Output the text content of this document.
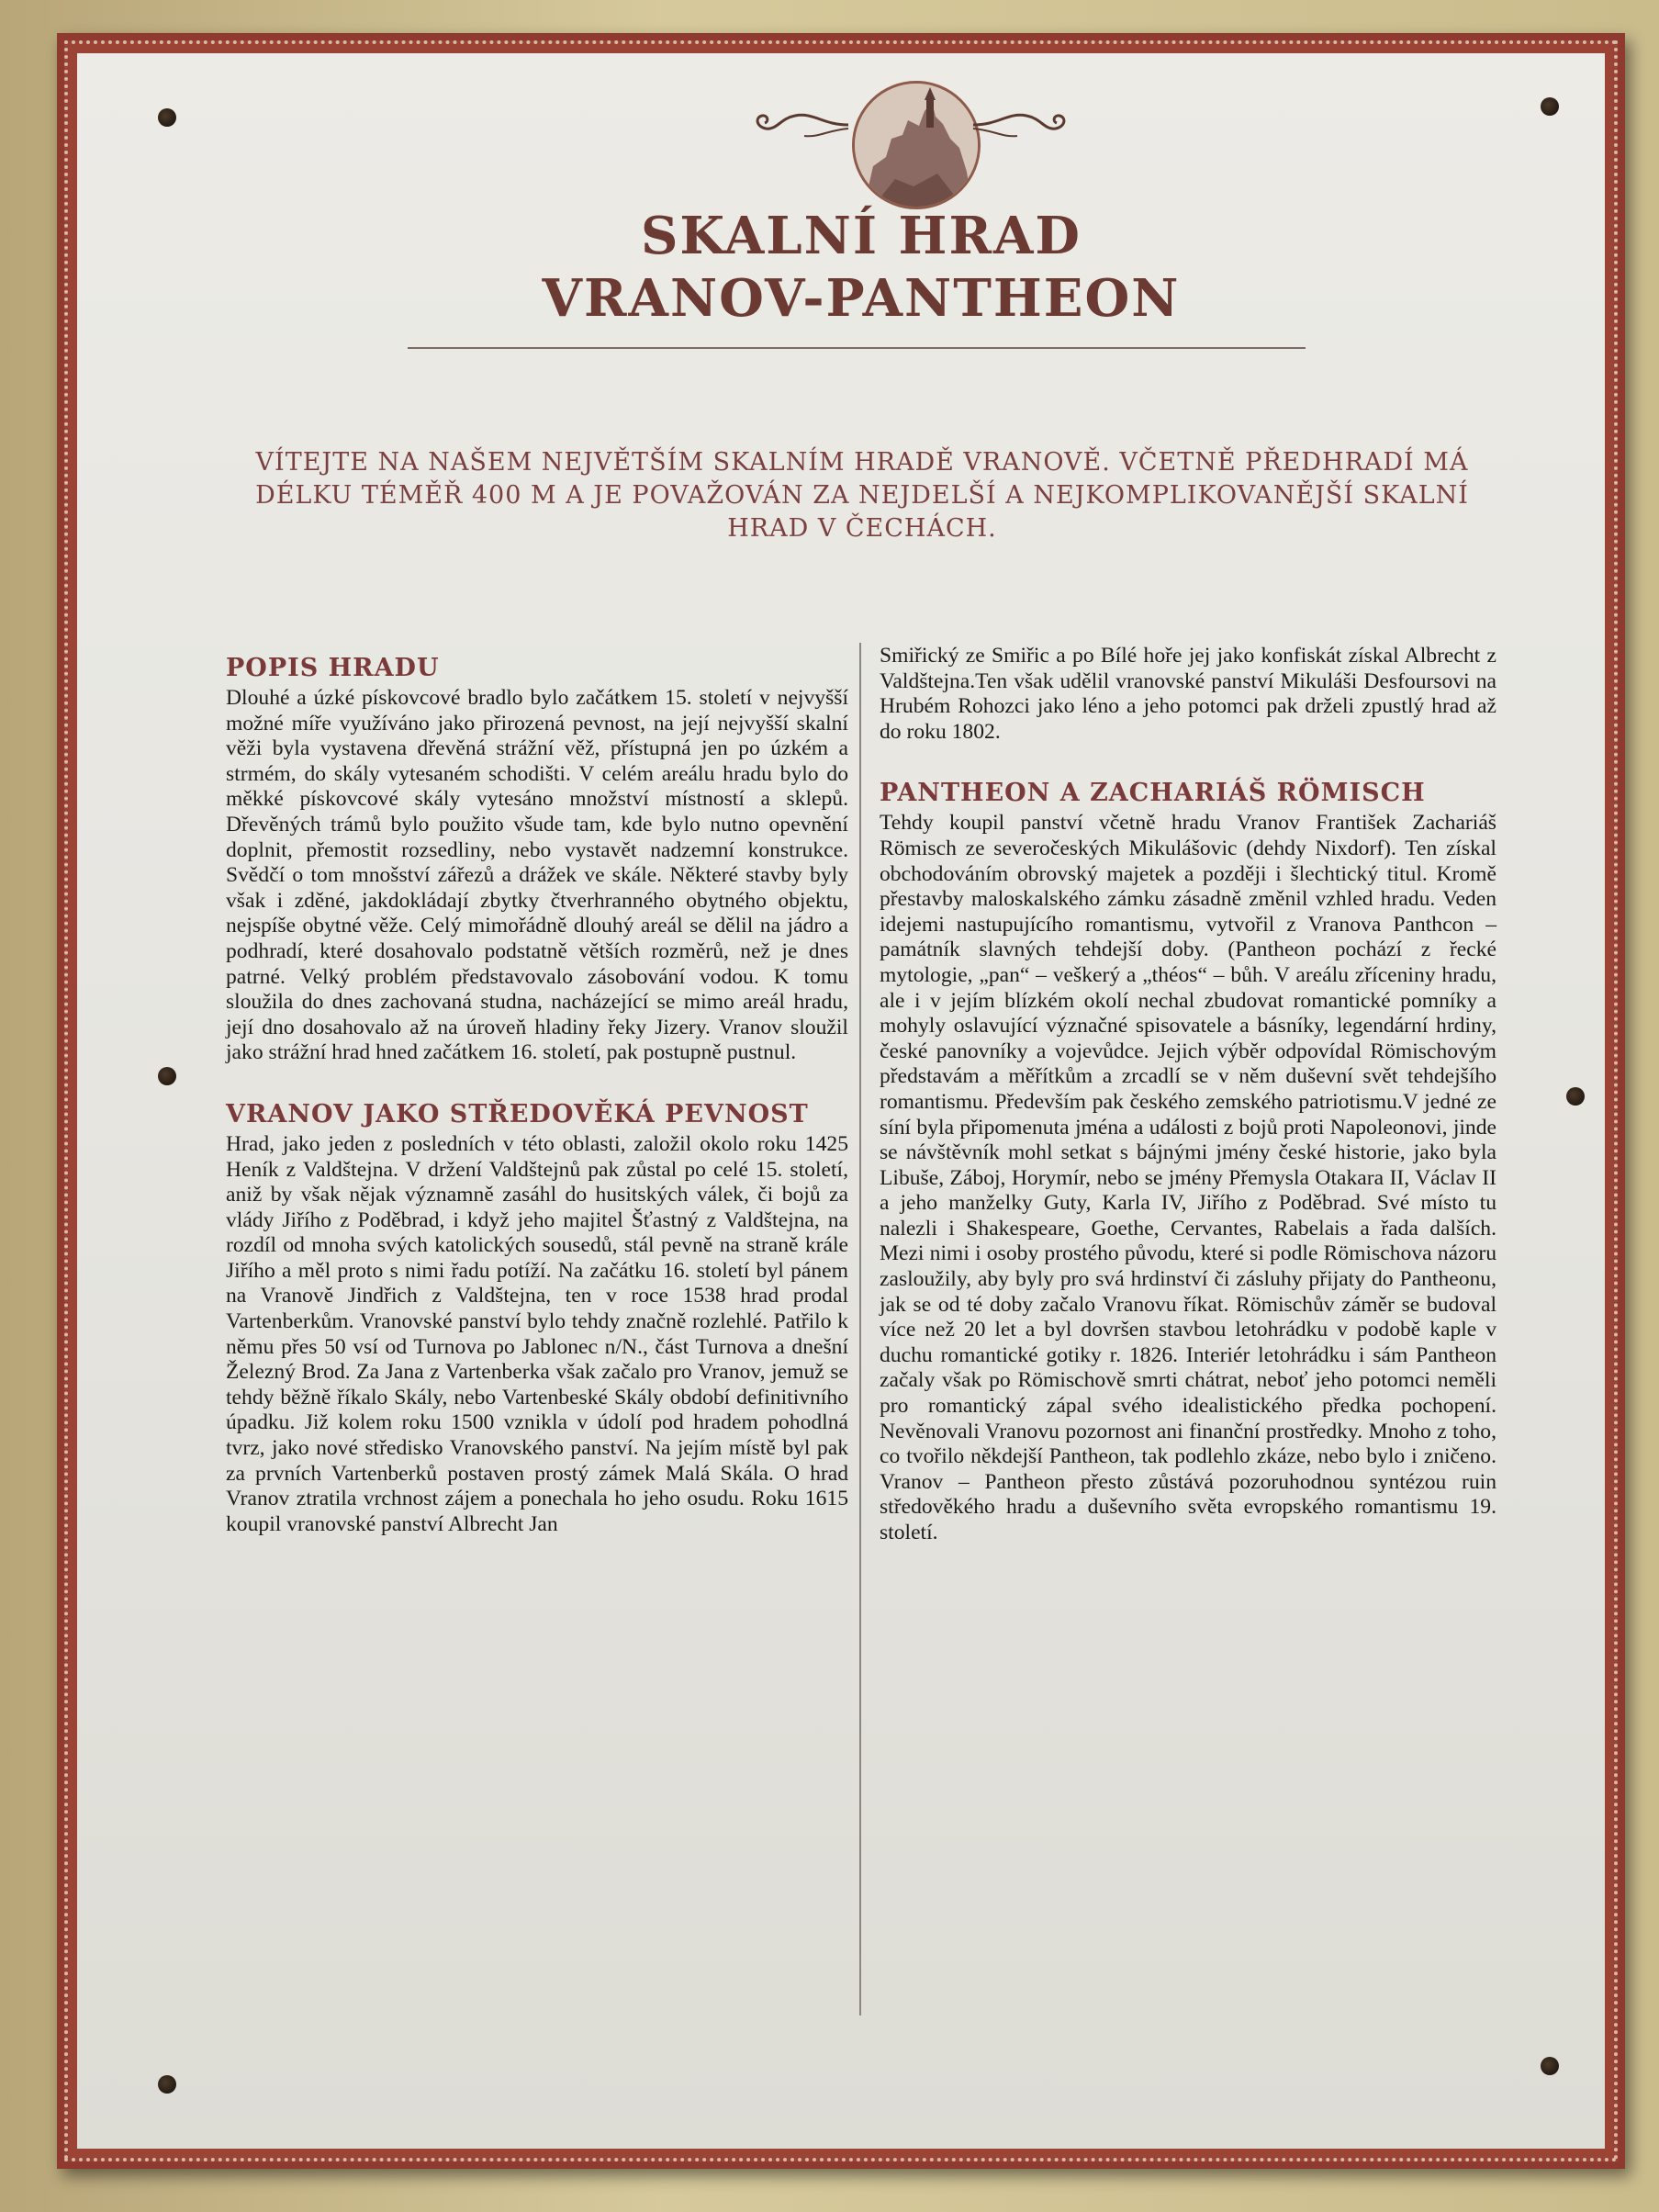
SKALNÍ HRAD
VRANOV-PANTHEON
VÍTEJTE NA NAŠEM NEJVĚTŠÍM SKALNÍM HRADĚ VRANOVĚ. VČETNĚ PŘEDHRADÍ MÁ DÉLKU TÉMĚŘ 400 M A JE POVAŽOVÁN ZA NEJDELŠÍ A NEJKOMPLIKOVANĚJŠÍ SKALNÍ HRAD V ČECHÁCH.
POPIS HRADU

Dlouhé a úzké pískovcové bradlo bylo začátkem 15. století v nejvyšší možné míře využíváno jako přirozená pevnost, na její nejvyšší skalní věži byla vystavena dřevěná strážní věž, přístupná jen po úzkém a strmém, do skály vytesaném schodišti. V celém areálu hradu bylo do měkké pískovcové skály vytesáno množství místností a sklepů. Dřevěných trámů bylo použito všude tam, kde bylo nutno opevnění doplnit, přemostit rozsedliny, nebo vystavět nadzemní konstrukce. Svědčí o tom mnošství zářezů a drážek ve skále. Některé stavby byly však i zděné, jakdokládají zbytky čtverhranného obytného objektu, nejspíše obytné věže. Celý mimořádně dlouhý areál se dělil na jádro a podhradí, které dosahovalo podstatně větších rozměrů, než je dnes patrné. Velký problém představovalo zásobování vodou. K tomu sloužila do dnes zachovaná studna, nacházející se mimo areál hradu, její dno dosahovalo až na úroveň hladiny řeky Jizery. Vranov sloužil jako strážní hrad hned začátkem 16. století, pak postupně pustnul.

VRANOV JAKO STŘEDOVĚKÁ PEVNOST

Hrad, jako jeden z posledních v této oblasti, založil okolo roku 1425 Heník z Valdštejna. V držení Valdštejnů pak zůstal po celé 15. století, aniž by však nějak významně zasáhl do husitských válek, či bojů za vlády Jiřího z Poděbrad, i když jeho majitel Šťastný z Valdštejna, na rozdíl od mnoha svých katolických sousedů, stál pevně na straně krále Jiřího a měl proto s nimi řadu potíží. Na začátku 16. století byl pánem na Vranově Jindřich z Valdštejna, ten v roce 1538 hrad prodal Vartenberkům. Vranovské panství bylo tehdy značně rozlehlé. Patřilo k němu přes 50 vsí od Turnova po Jablonec n/N., část Turnova a dnešní Železný Brod. Za Jana z Vartenberka však začalo pro Vranov, jemuž se tehdy běžně říkalo Skály, nebo Vartenbeské Skály období definitivního úpadku. Již kolem roku 1500 vznikla v údolí pod hradem pohodlná tvrz, jako nové středisko Vranovského panství. Na jejím místě byl pak za prvních Vartenberků postaven prostý zámek Malá Skála. O hrad Vranov ztratila vrchnost zájem a ponechala ho jeho osudu. Roku 1615 koupil vranovské panství Albrecht Jan

Smiřický ze Smiřic a po Bílé hoře jej jako konfiskát získal Albrecht z Valdštejna.Ten však udělil vranovské panství Mikuláši Desfoursovi na Hrubém Rohozci jako léno a jeho potomci pak drželi zpustlý hrad až do roku 1802.

PANTHEON A ZACHARIÁŠ RÖMISCH

Tehdy koupil panství včetně hradu Vranov František Zachariáš Römisch ze severočeských Mikulášovic (dehdy Nixdorf). Ten získal obchodováním obrovský majetek a později i šlechtický titul. Kromě přestavby maloskalského zámku zásadně změnil vzhled hradu. Veden idejemi nastupujícího romantismu, vytvořil z Vranova Panthcon – památník slavných tehdejší doby. (Pantheon pochází z řecké mytologie, „pan“ – veškerý a „théos“ – bůh. V areálu zříceniny hradu, ale i v jejím blízkém okolí nechal zbudovat romantické pomníky a mohyly oslavující význačné spisovatele a básníky, legendární hrdiny, české panovníky a vojevůdce. Jejich výběr odpovídal Römischovým představám a měřítkům a zrcadlí se v něm duševní svět tehdejšího romantismu. Především pak českého zemského patriotismu.V jedné ze síní byla připomenuta jména a události z bojů proti Napoleonovi, jinde se návštěvník mohl setkat s bájnými jmény české historie, jako byla Libuše, Záboj, Horymír, nebo se jmény Přemysla Otakara II, Václav II a jeho manželky Guty, Karla IV, Jiřího z Poděbrad. Své místo tu nalezli i Shakespeare, Goethe, Cervantes, Rabelais a řada dalších. Mezi nimi i osoby prostého původu, které si podle Römischova názoru zasloužily, aby byly pro svá hrdinství či zásluhy přijaty do Pantheonu, jak se od té doby začalo Vranovu říkat. Römischův záměr se budoval více než 20 let a byl dovršen stavbou letohrádku v podobě kaple v duchu romantické gotiky r. 1826. Interiér letohrádku i sám Pantheon začaly však po Römischově smrti chátrat, neboť jeho potomci neměli pro romantický zápal svého idealistického předka pochopení. Nevěnovali Vranovu pozornost ani finanční prostředky. Mnoho z toho, co tvořilo někdejší Pantheon, tak podlehlo zkáze, nebo bylo i zničeno. Vranov – Pantheon přesto zůstává pozoruhodnou syntézou ruin středověkého hradu a duševního světa evropského romantismu 19. století.
